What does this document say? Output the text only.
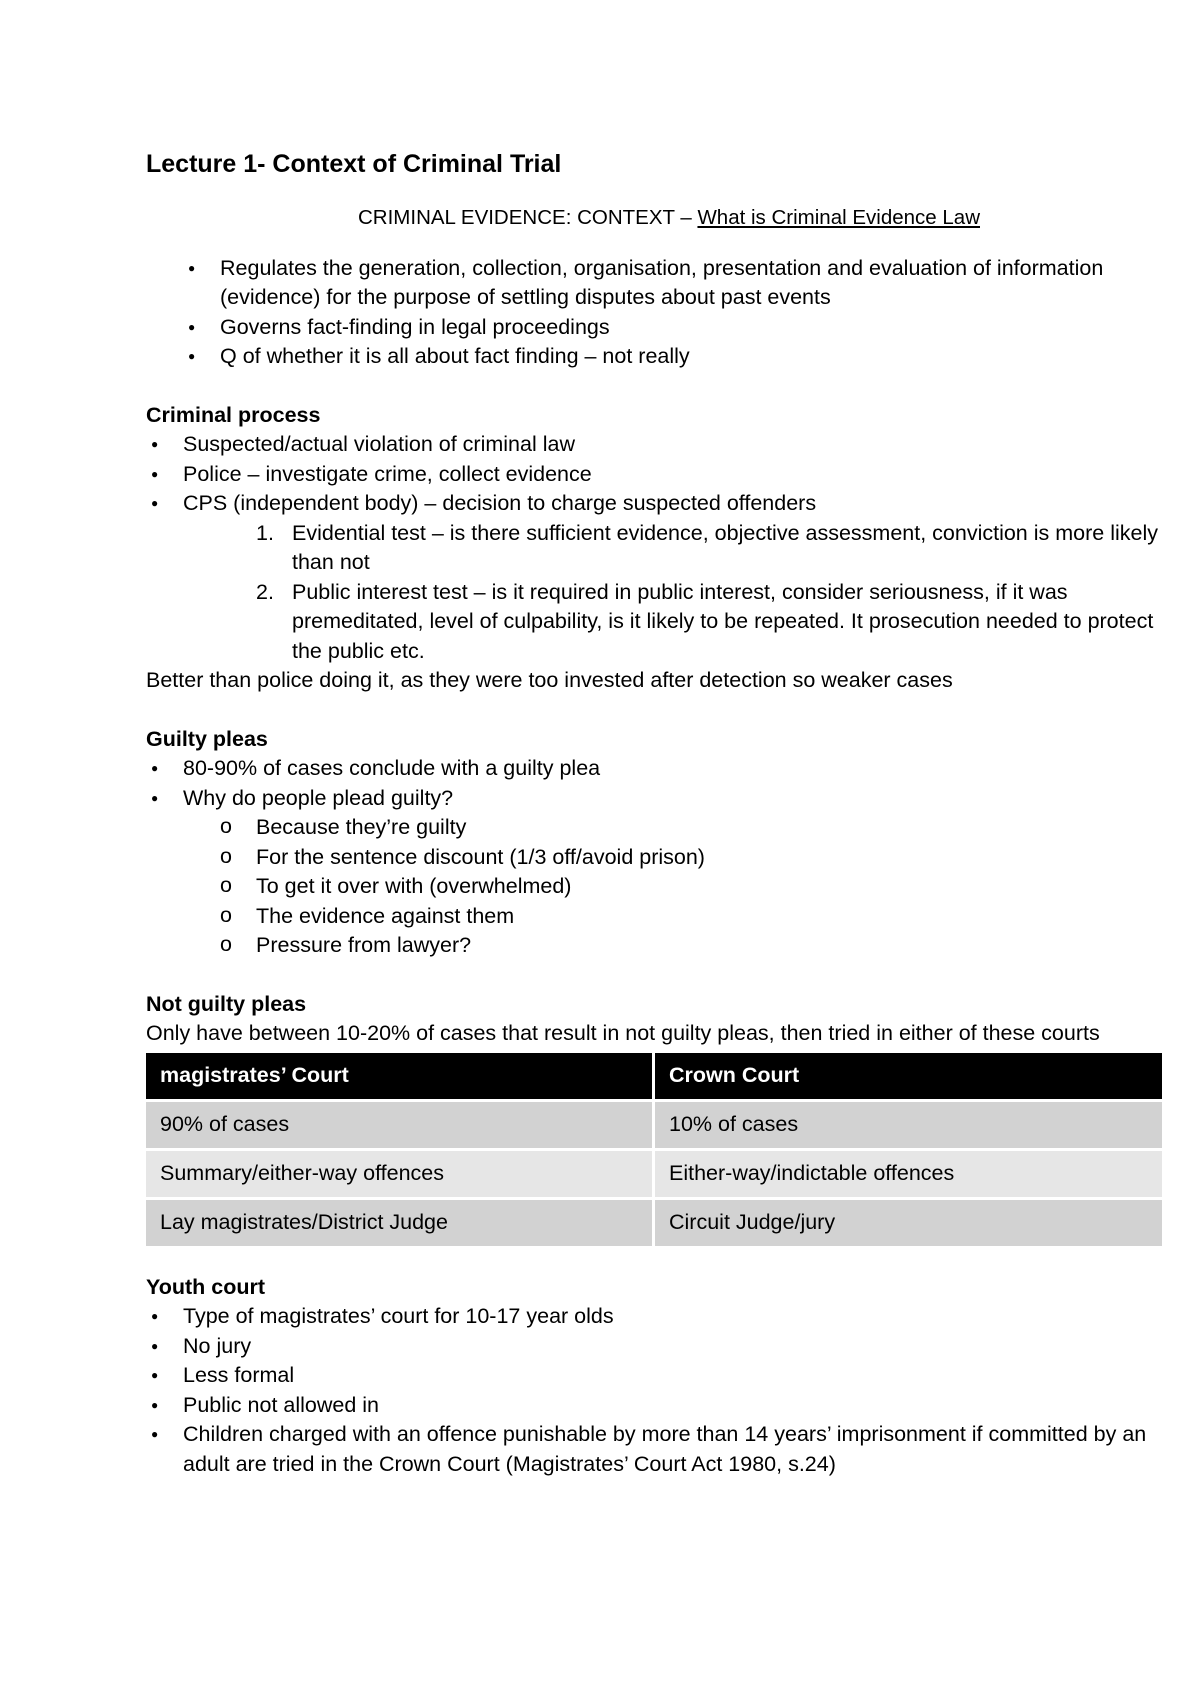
Lecture 1- Context of Criminal Trial

CRIMINAL EVIDENCE: CONTEXT – What is Criminal Evidence Law

● Regulates the generation, collection, organisation, presentation and evaluation of information (evidence) for the purpose of settling disputes about past events
● Governs fact-finding in legal proceedings
● Q of whether it is all about fact finding – not really

Criminal process

● Suspected/actual violation of criminal law
● Police – investigate crime, collect evidence
● CPS (independent body) – decision to charge suspected offenders
1. Evidential test – is there sufficient evidence, objective assessment, conviction is more likely than not
2. Public interest test – is it required in public interest, consider seriousness, if it was premeditated, level of culpability, is it likely to be repeated. It prosecution needed to protect the public etc.

Better than police doing it, as they were too invested after detection so weaker cases

Guilty pleas

● 80-90% of cases conclude with a guilty plea
● Why do people plead guilty?
o Because they’re guilty
o For the sentence discount (1/3 off/avoid prison)
o To get it over with (overwhelmed)
o The evidence against them
o Pressure from lawyer?

Not guilty pleas

Only have between 10-20% of cases that result in not guilty pleas, then tried in either of these courts

magistrates’ Court	Crown Court
90% of cases	10% of cases
Summary/either-way offences	Either-way/indictable offences
Lay magistrates/District Judge	Circuit Judge/jury

Youth court

● Type of magistrates’ court for 10-17 year olds
● No jury
● Less formal
● Public not allowed in
● Children charged with an offence punishable by more than 14 years’ imprisonment if committed by an adult are tried in the Crown Court (Magistrates’ Court Act 1980, s.24)
